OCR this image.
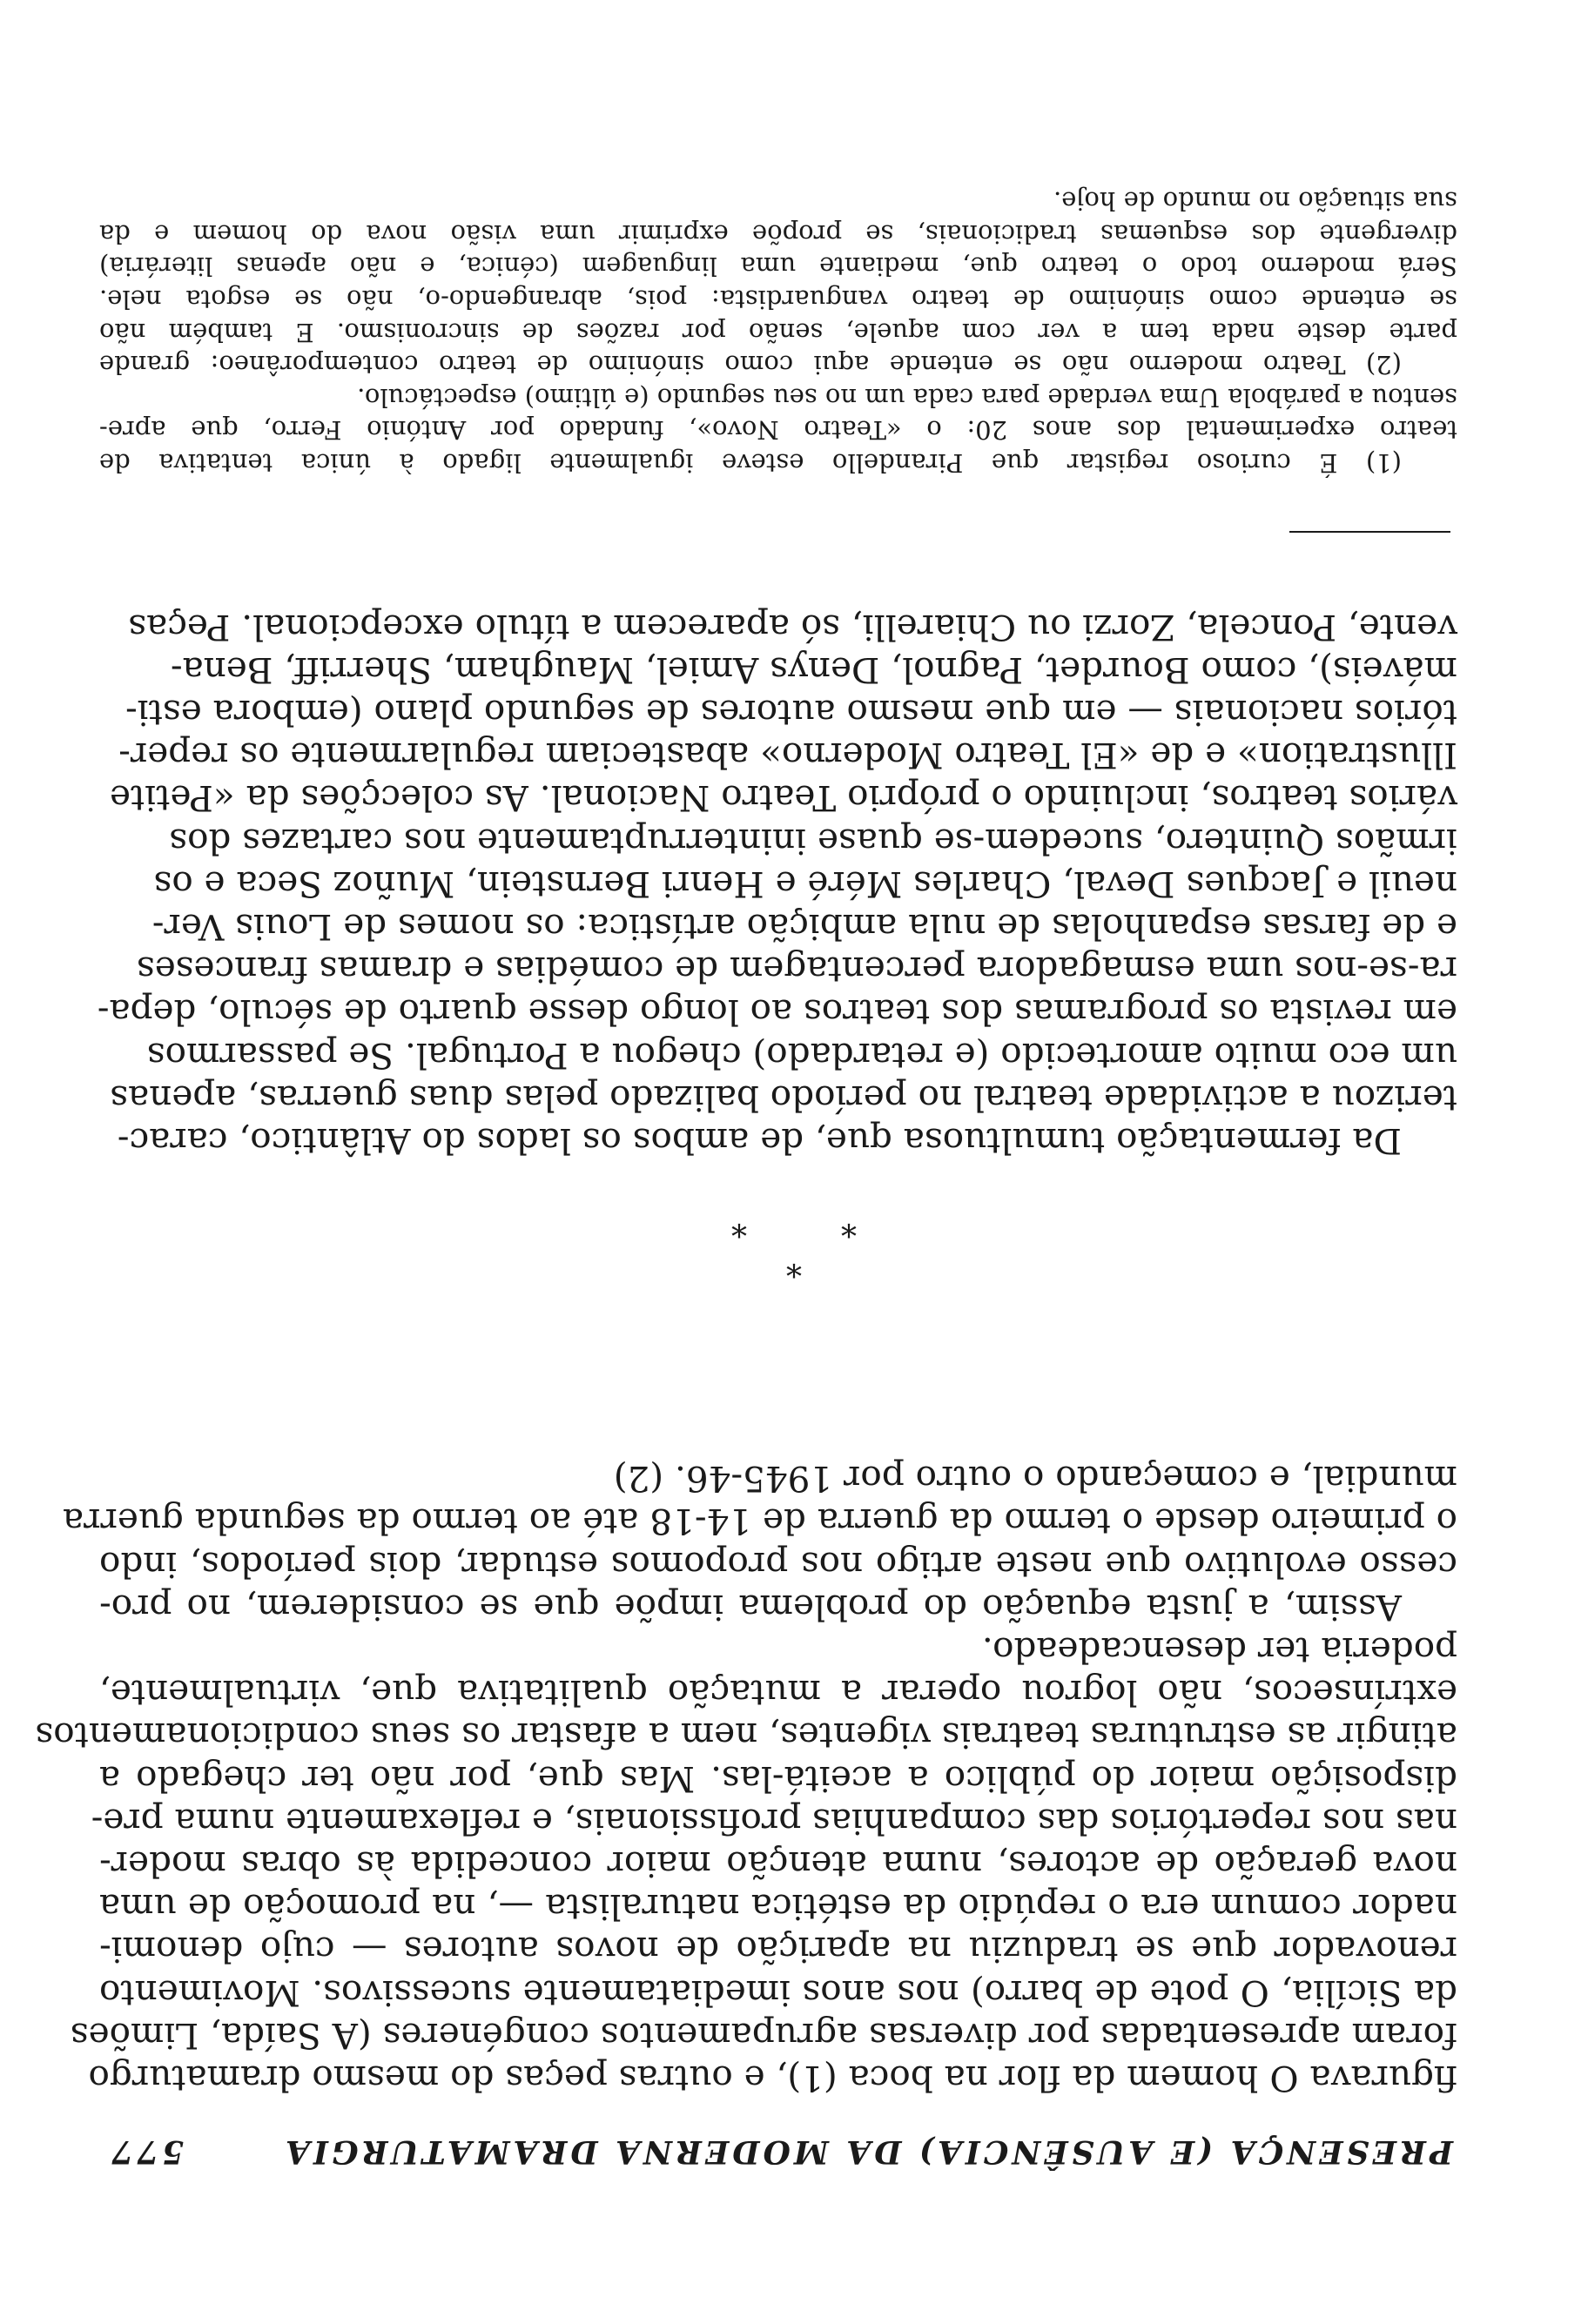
PRESENÇA (E AUSÊNCIA) DA MODERNA DRAMATURGIA
577
figurava O homem da flor na boca (1), e outras peças do mesmo dramaturgo
foram apresentadas por diversas agrupamentos congéneres (A Saída, Limões
da Sicília, O pote de barro) nos anos imediatamente sucessivos. Movimento
renovador que se traduziu na aparição de novos autores — cujo denomi-
nador comum era o repúdio da estética naturalista —, na promoção de uma
nova geração de actores, numa atenção maior concedida às obras moder-
nas nos repertórios das companhias profissionais, e reflexamente numa pre-
disposição maior do público a aceitá-las. Mas que, por não ter chegado a
atingir as estruturas teatrais vigentes, nem a afastar os seus condicionamentos
extrínsecos, não logrou operar a mutação qualitativa que, virtualmente,
poderia ter desencadeado.
Assim, a justa equação do problema impõe que se considerem, no pro-
cesso evolutivo que neste artigo nos propomos estudar, dois períodos, indo
o primeiro desde o termo da guerra de 14-18 até ao termo da segunda guerra
mundial, e começando o outro por 1945-46. (2)
*
*
*
Da fermentação tumultuosa que, de ambos os lados do Atlântico, carac-
terizou a actividade teatral no período balizado pelas duas guerras, apenas
um eco muito amortecido (e retardado) chegou a Portugal. Se passarmos
em revista os programas dos teatros ao longo desse quarto de século, depa-
ra-se-nos uma esmagadora percentagem de comédias e dramas franceses
e de farsas espanholas de nula ambição artística: os nomes de Louis Ver-
neuil e Jacques Deval, Charles Méré e Henri Bernstein, Muñoz Seca e os
irmãos Quintero, sucedem-se quase ininterruptamente nos cartazes dos
vários teatros, incluindo o próprio Teatro Nacional. As colecções da «Petite
Illustration» e de «El Teatro Moderno» abasteciam regularmente os reper-
tórios nacionais — em que mesmo autores de segundo plano (embora esti-
máveis), como Bourdet, Pagnol, Denys Amiel, Maugham, Sherriff, Bena-
vente, Poncela, Zorzi ou Chiarelli, só aparecem a título excepcional. Peças
(1) É curioso registar que Pirandello esteve igualmente ligado à única tentativa de
teatro experimental dos anos 20: o «Teatro Novo», fundado por António Ferro, que apre-
sentou a parábola Uma verdade para cada um no seu segundo (e último) espectáculo.
(2) Teatro moderno não se entende aqui como sinónimo de teatro contemporâneo: grande
parte deste nada tem a ver com aquele, senão por razões de sincronismo. E também não
se entende como sinónimo de teatro vanguardista: pois, abrangendo-o, não se esgota nele.
Será moderno todo o teatro que, mediante uma linguagem (cénica, e não apenas literária)
divergente dos esquemas tradicionais, se propõe exprimir uma visão nova do homem e da
sua situação no mundo de hoje.
